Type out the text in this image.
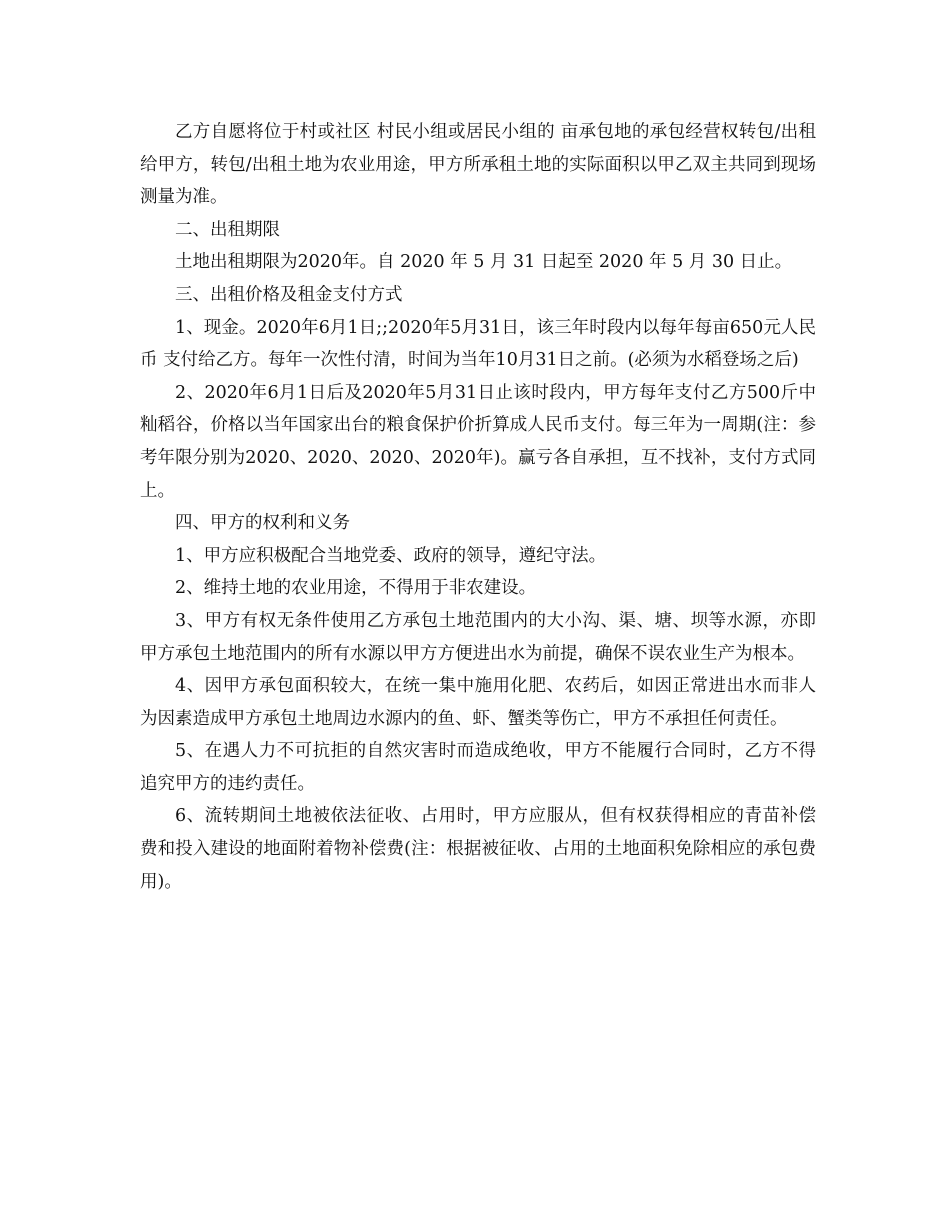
乙方自愿将位于村或社区 村民小组或居民小组的 亩承包地的承包经营权转包/出租给甲方，转包/出租土地为农业用途，甲方所承租土地的实际面积以甲乙双主共同到现场测量为准。

二、出租期限

土地出租期限为2020年。自 2020 年 5 月 31 日起至 2020 年 5 月 30 日止。

三、出租价格及租金支付方式

1、现金。2020年6月1日;;2020年5月31日，该三年时段内以每年每亩650元人民币 支付给乙方。每年一次性付清，时间为当年10月31日之前。(必须为水稻登场之后)

2、2020年6月1日后及2020年5月31日止该时段内，甲方每年支付乙方500斤中籼稻谷，价格以当年国家出台的粮食保护价折算成人民币支付。每三年为一周期(注：参考年限分别为2020、2020、2020、2020年)。赢亏各自承担，互不找补，支付方式同上。

四、甲方的权利和义务

1、甲方应积极配合当地党委、政府的领导，遵纪守法。

2、维持土地的农业用途，不得用于非农建设。

3、甲方有权无条件使用乙方承包土地范围内的大小沟、渠、塘、坝等水源，亦即甲方承包土地范围内的所有水源以甲方方便进出水为前提，确保不误农业生产为根本。

4、因甲方承包面积较大，在统一集中施用化肥、农药后，如因正常进出水而非人为因素造成甲方承包土地周边水源内的鱼、虾、蟹类等伤亡，甲方不承担任何责任。

5、在遇人力不可抗拒的自然灾害时而造成绝收，甲方不能履行合同时，乙方不得追究甲方的违约责任。

6、流转期间土地被依法征收、占用时，甲方应服从，但有权获得相应的青苗补偿费和投入建设的地面附着物补偿费(注：根据被征收、占用的土地面积免除相应的承包费用)。
